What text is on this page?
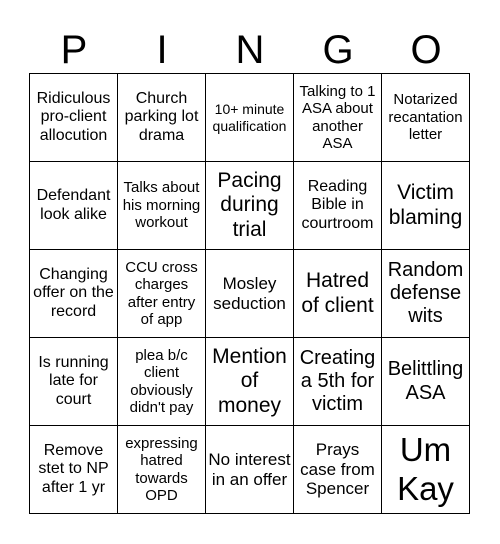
P	I	N	G	O
Ridiculous pro-client allocution
Church parking lot drama
10+ minute qualification
Talking to 1 ASA about another ASA
Notarized recantation letter
Defendant look alike
Talks about his morning workout
Pacing during trial
Reading Bible in courtroom
Victim blaming
Changing offer on the record
CCU cross charges after entry of app
Mosley seduction
Hatred of client
Random defense wits
Is running late for court
plea b/c client obviously didn't pay
Mention of money
Creating a 5th for victim
Belittling ASA
Remove stet to NP after 1 yr
expressing hatred towards OPD
No interest in an offer
Prays case from Spencer
Um Kay
